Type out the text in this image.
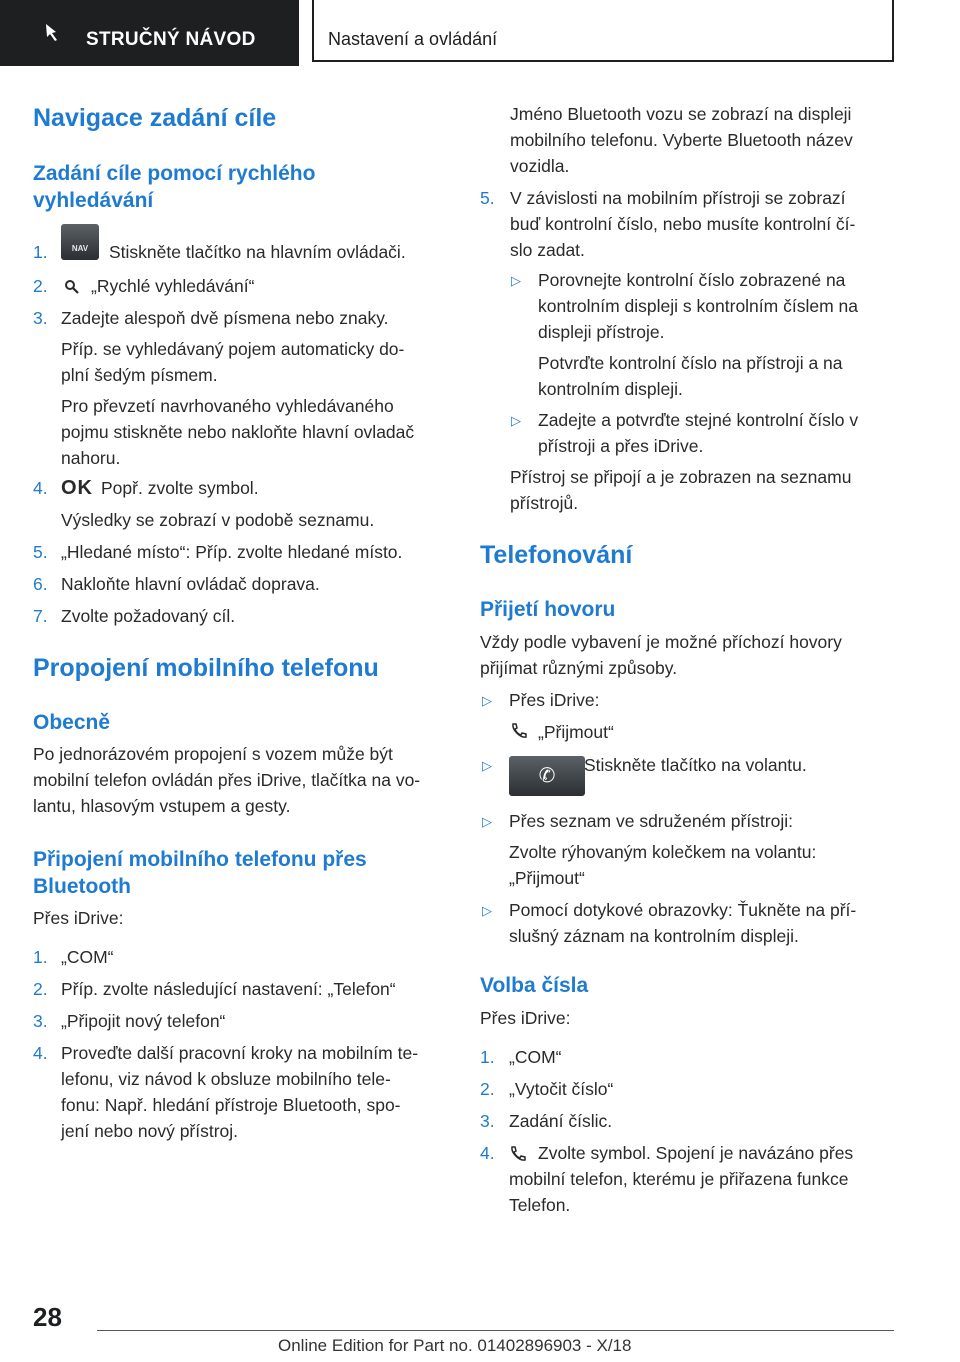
STRUČNÝ NÁVOD	Nastavení a ovládání
Navigace zadání cíle
Zadání cíle pomocí rychlého vyhledávání
1.	NAV	Stiskněte tlačítko na hlavním ovládači.
2. „Rychlé vyhledávání“
3. Zadejte alespoň dvě písmena nebo znaky.
Příp. se vyhledávaný pojem automaticky do-
plní šedým písmem.
Pro převzetí navrhovaného vyhledávaného
pojmu stiskněte nebo nakloňte hlavní ovladač
nahoru.
4. OK Popř. zvolte symbol.
Výsledky se zobrazí v podobě seznamu.
5. „Hledané místo“: Příp. zvolte hledané místo.
6. Nakloňte hlavní ovládač doprava.
7. Zvolte požadovaný cíl.
Propojení mobilního telefonu
Obecně
Po jednorázovém propojení s vozem může být
mobilní telefon ovládán přes iDrive, tlačítka na vo-
lantu, hlasovým vstupem a gesty.
Připojení mobilního telefonu přes
Bluetooth
Přes iDrive:
1. „COM“
2. Příp. zvolte následující nastavení: „Telefon“
3. „Připojit nový telefon“
4. Proveďte další pracovní kroky na mobilním te-
lefonu, viz návod k obsluze mobilního tele-
fonu: Např. hledání přístroje Bluetooth, spo-
jení nebo nový přístroj.
Jméno Bluetooth vozu se zobrazí na displeji
mobilního telefonu. Vyberte Bluetooth název
vozidla.
5. V závislosti na mobilním přístroji se zobrazí
buď kontrolní číslo, nebo musíte kontrolní čí-
slo zadat.
▷ Porovnejte kontrolní číslo zobrazené na
kontrolním displeji s kontrolním číslem na
displeji přístroje.
Potvrďte kontrolní číslo na přístroji a na
kontrolním displeji.
▷ Zadejte a potvrďte stejné kontrolní číslo v
přístroji a přes iDrive.
Přístroj se připojí a je zobrazen na seznamu
přístrojů.
Telefonování
Přijetí hovoru
Vždy podle vybavení je možné příchozí hovory
přijímat různými způsoby.
▷ Přes iDrive:
„Přijmout“
▷	✆	Stiskněte tlačítko na volantu.
▷ Přes seznam ve sdruženém přístroji:
Zvolte rýhovaným kolečkem na volantu:
„Přijmout“
▷ Pomocí dotykové obrazovky: Ťukněte na pří-
slušný záznam na kontrolním displeji.
Volba čísla
Přes iDrive:
1. „COM“
2. „Vytočit číslo“
3. Zadání číslic.
4. Zvolte symbol. Spojení je navázáno přes
mobilní telefon, kterému je přiřazena funkce
Telefon.
28
Online Edition for Part no. 01402896903 - X/18
